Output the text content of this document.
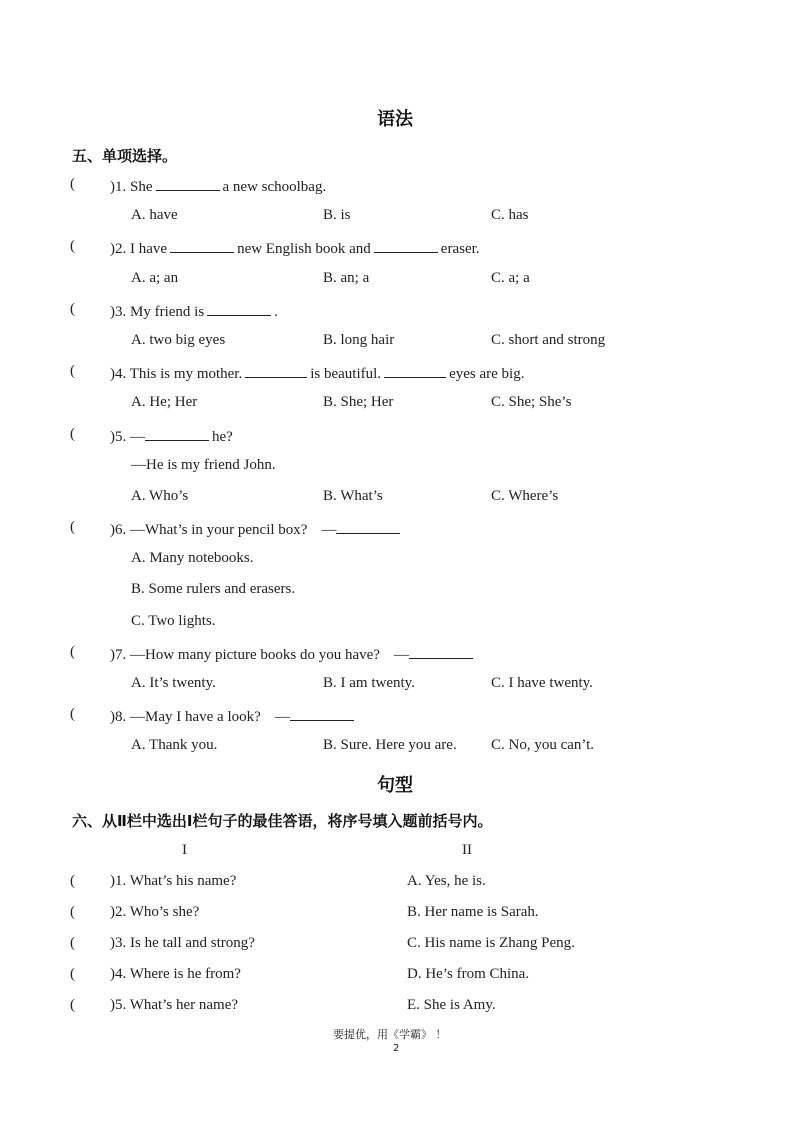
语法
五、单项选择。
( )1. She	a new schoolbag.
A. have	B. is	C. has
( )2. I have	new English book and	eraser.
A. a; an	B. an; a	C. a; a
( )3. My friend is	.
A. two big eyes	B. long hair	C. short and strong
( )4. This is my mother.	is beautiful.	eyes are big.
A. He; Her	B. She; Her	C. She; She’s
( )5. —	he?
—He is my friend John.
A. Who’s	B. What’s	C. Where’s
( )6. —What’s in your pencil box? —
A. Many notebooks.
B. Some rulers and erasers.
C. Two lights.
( )7. —How many picture books do you have? —
A. It’s twenty.	B. I am twenty.	C. I have twenty.
( )8. —May I have a look? —
A. Thank you.	B. Sure. Here you are. C. No, you can’t.
句型
六、从Ⅱ栏中选出Ⅰ栏句子的最佳答语，将序号填入题前括号内。
I	II
( )1. What’s his name?	A. Yes, he is.
( )2. Who’s she?	B. Her name is Sarah.
( )3. Is he tall and strong?	C. His name is Zhang Peng.
( )4. Where is he from?	D. He’s from China.
( )5. What’s her name?	E. She is Amy.
要提优，用《学霸》 ！
2
